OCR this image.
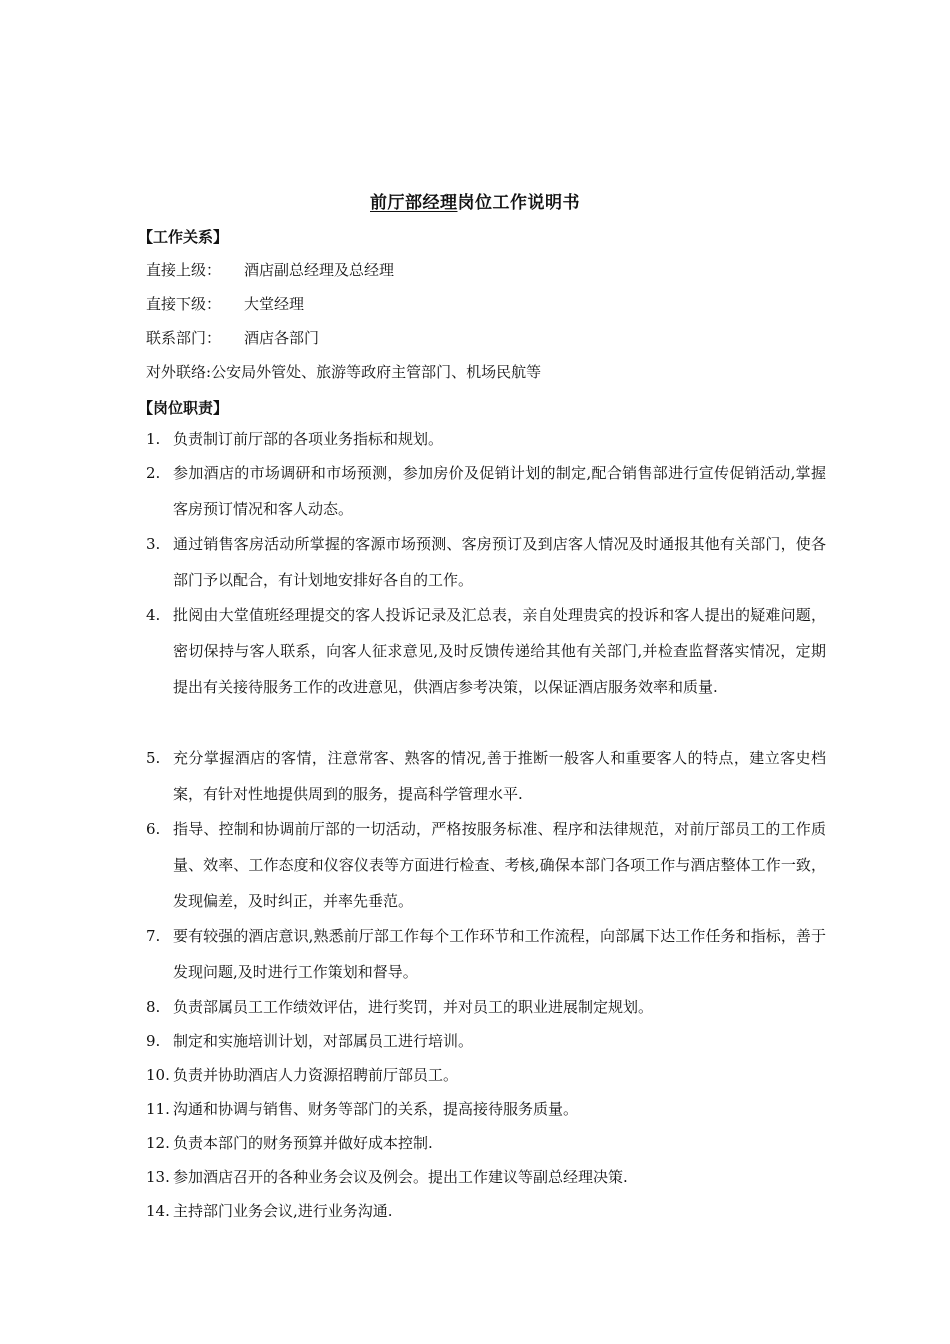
前厅部经理岗位工作说明书
【工作关系】
直接上级： 酒店副总经理及总经理
直接下级： 大堂经理
联系部门： 酒店各部门
对外联络:公安局外管处、旅游等政府主管部门、机场民航等
【岗位职责】
1. 负责制订前厅部的各项业务指标和规划。
2. 参加酒店的市场调研和市场预测，参加房价及促销计划的制定,配合销售部进行宣传促销活动,掌握客房预订情况和客人动态。
3. 通过销售客房活动所掌握的客源市场预测、客房预订及到店客人情况及时通报其他有关部门，使各部门予以配合，有计划地安排好各自的工作。
4. 批阅由大堂值班经理提交的客人投诉记录及汇总表，亲自处理贵宾的投诉和客人提出的疑难问题，密切保持与客人联系，向客人征求意见,及时反馈传递给其他有关部门,并检查监督落实情况，定期提出有关接待服务工作的改进意见，供酒店参考决策，以保证酒店服务效率和质量.
5. 充分掌握酒店的客情，注意常客、熟客的情况,善于推断一般客人和重要客人的特点，建立客史档案，有针对性地提供周到的服务，提高科学管理水平.
6. 指导、控制和协调前厅部的一切活动，严格按服务标准、程序和法律规范，对前厅部员工的工作质量、效率、工作态度和仪容仪表等方面进行检查、考核,确保本部门各项工作与酒店整体工作一致，发现偏差，及时纠正，并率先垂范。
7. 要有较强的酒店意识,熟悉前厅部工作每个工作环节和工作流程，向部属下达工作任务和指标，善于发现问题,及时进行工作策划和督导。
8. 负责部属员工工作绩效评估，进行奖罚，并对员工的职业进展制定规划。
9. 制定和实施培训计划，对部属员工进行培训。
10. 负责并协助酒店人力资源招聘前厅部员工。
11. 沟通和协调与销售、财务等部门的关系，提高接待服务质量。
12. 负责本部门的财务预算并做好成本控制.
13. 参加酒店召开的各种业务会议及例会。提出工作建议等副总经理决策.
14. 主持部门业务会议,进行业务沟通.
